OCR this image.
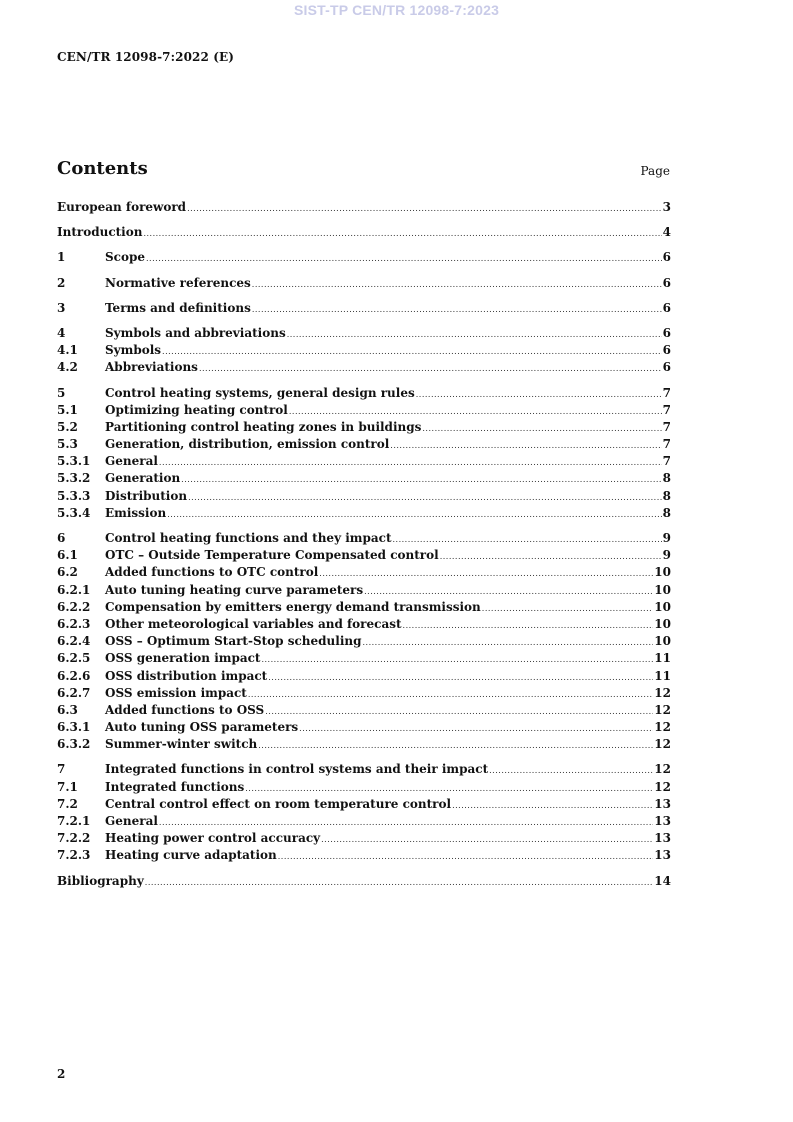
SIST-TP CEN/TR 12098-7:2023
CEN/TR 12098-7:2022 (E)
Contents	Page
European foreword .....	3
Introduction .....	4
1	Scope .....	6
2	Normative references .....	6
3	Terms and definitions .....	6
4	Symbols and abbreviations .....	6
4.1	Symbols .....	6
4.2	Abbreviations .....	6
5	Control heating systems, general design rules .....	7
5.1	Optimizing heating control .....	7
5.2	Partitioning control heating zones in buildings .....	7
5.3	Generation, distribution, emission control .....	7
5.3.1	General .....	7
5.3.2	Generation .....	8
5.3.3	Distribution .....	8
5.3.4	Emission .....	8
6	Control heating functions and they impact .....	9
6.1	OTC – Outside Temperature Compensated control .....	9
6.2	Added functions to OTC control .....	10
6.2.1	Auto tuning heating curve parameters .....	10
6.2.2	Compensation by emitters energy demand transmission .....	10
6.2.3	Other meteorological variables and forecast .....	10
6.2.4	OSS – Optimum Start-Stop scheduling .....	10
6.2.5	OSS generation impact .....	11
6.2.6	OSS distribution impact .....	11
6.2.7	OSS emission impact .....	12
6.3	Added functions to OSS .....	12
6.3.1	Auto tuning OSS parameters .....	12
6.3.2	Summer-winter switch .....	12
7	Integrated functions in control systems and their impact .....	12
7.1	Integrated functions .....	12
7.2	Central control effect on room temperature control .....	13
7.2.1	General .....	13
7.2.2	Heating power control accuracy .....	13
7.2.3	Heating curve adaptation .....	13
Bibliography .....	14
2
